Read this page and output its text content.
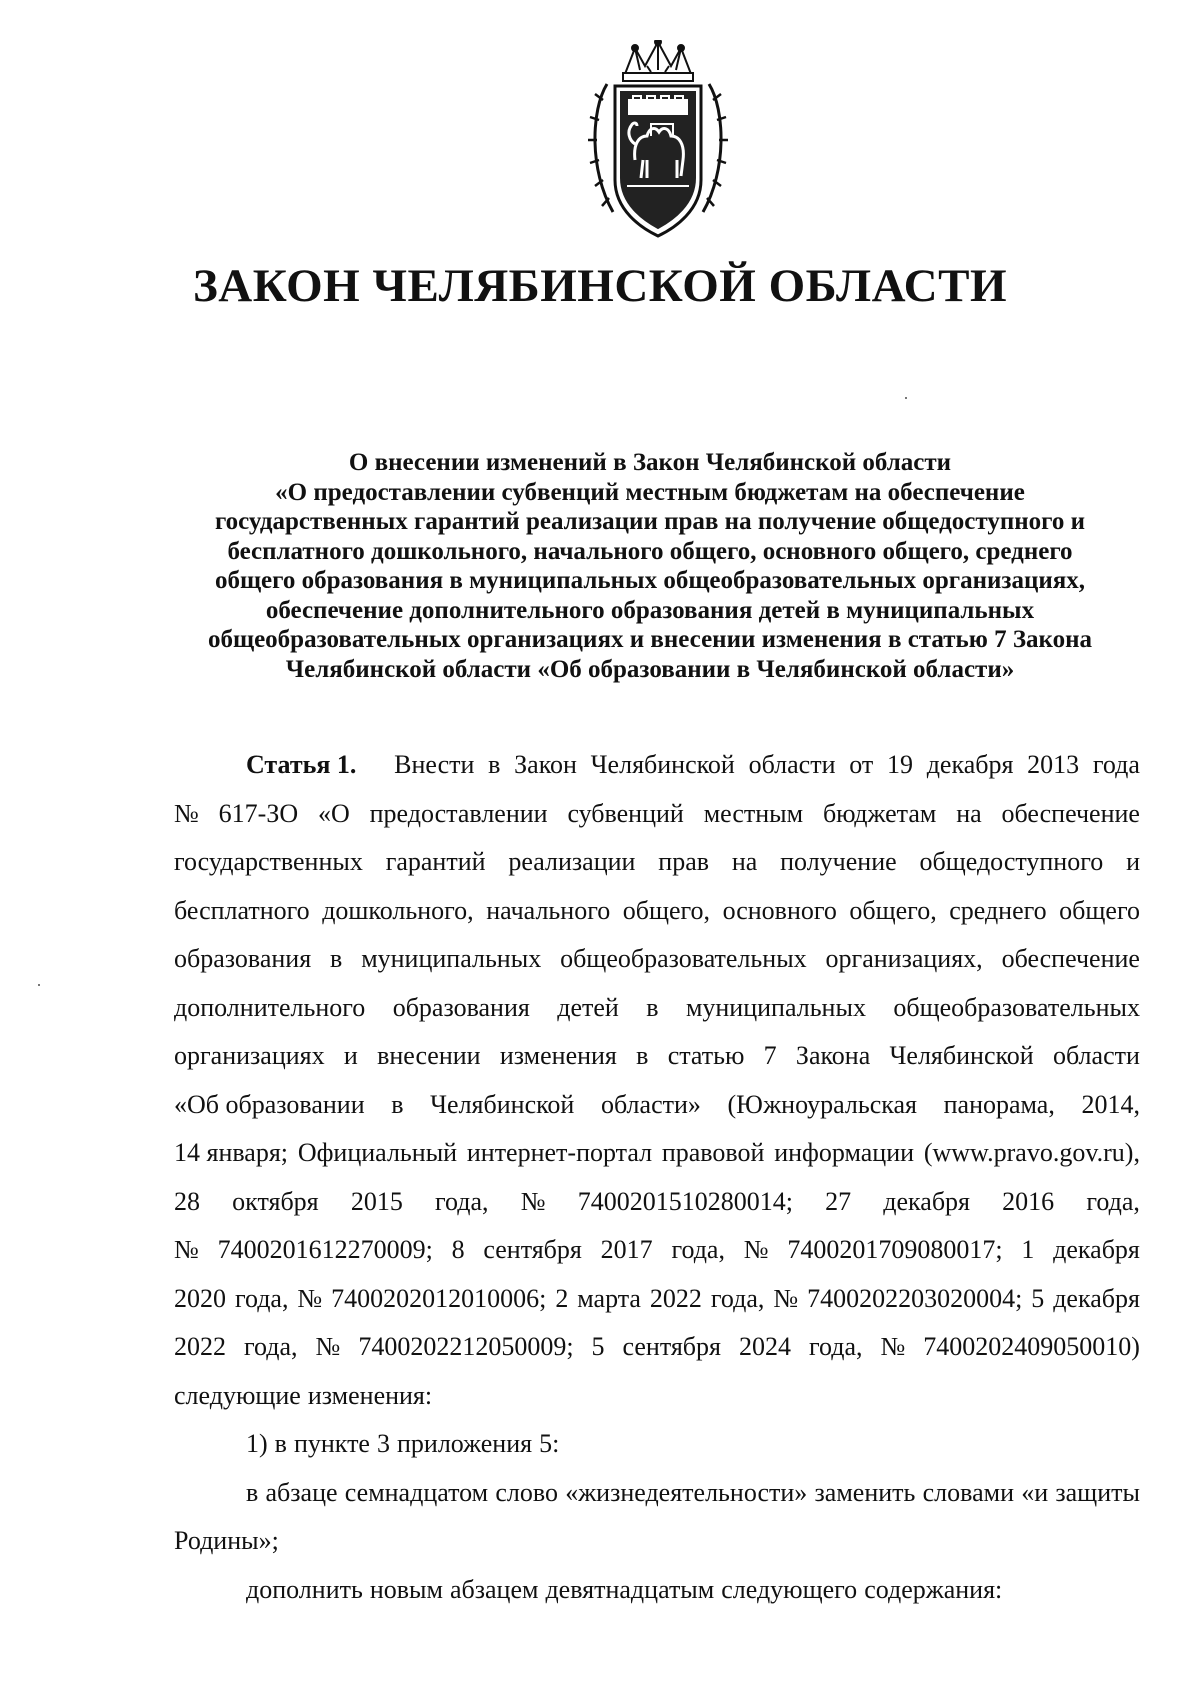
ЗАКОН ЧЕЛЯБИНСКОЙ ОБЛАСТИ
О внесении изменений в Закон Челябинской области
«О предоставлении субвенций местным бюджетам на обеспечение
государственных гарантий реализации прав на получение общедоступного и
бесплатного дошкольного, начального общего, основного общего, среднего
общего образования в муниципальных общеобразовательных организациях,
обеспечение дополнительного образования детей в муниципальных
общеобразовательных организациях и внесении изменения в статью 7 Закона
Челябинской области «Об образовании в Челябинской области»
Статья 1. Внести в Закон Челябинской области от 19 декабря 2013 года
№ 617-ЗО «О предоставлении субвенций местным бюджетам на обеспечение
государственных гарантий реализации прав на получение общедоступного и
бесплатного дошкольного, начального общего, основного общего, среднего общего
образования в муниципальных общеобразовательных организациях, обеспечение
дополнительного образования детей в муниципальных общеобразовательных
организациях и внесении изменения в статью 7 Закона Челябинской области
«Об образовании в Челябинской области» (Южноуральская панорама, 2014,
14 января; Официальный интернет-портал правовой информации (www.pravo.gov.ru),
28 октября 2015 года, № 7400201510280014; 27 декабря 2016 года,
№ 7400201612270009; 8 сентября 2017 года, № 7400201709080017; 1 декабря
2020 года, № 7400202012010006; 2 марта 2022 года, № 7400202203020004; 5 декабря
2022 года, № 7400202212050009; 5 сентября 2024 года, № 7400202409050010)
следующие изменения:
1) в пункте 3 приложения 5:
в абзаце семнадцатом слово «жизнедеятельности» заменить словами «и защиты
Родины»;
дополнить новым абзацем девятнадцатым следующего содержания:
